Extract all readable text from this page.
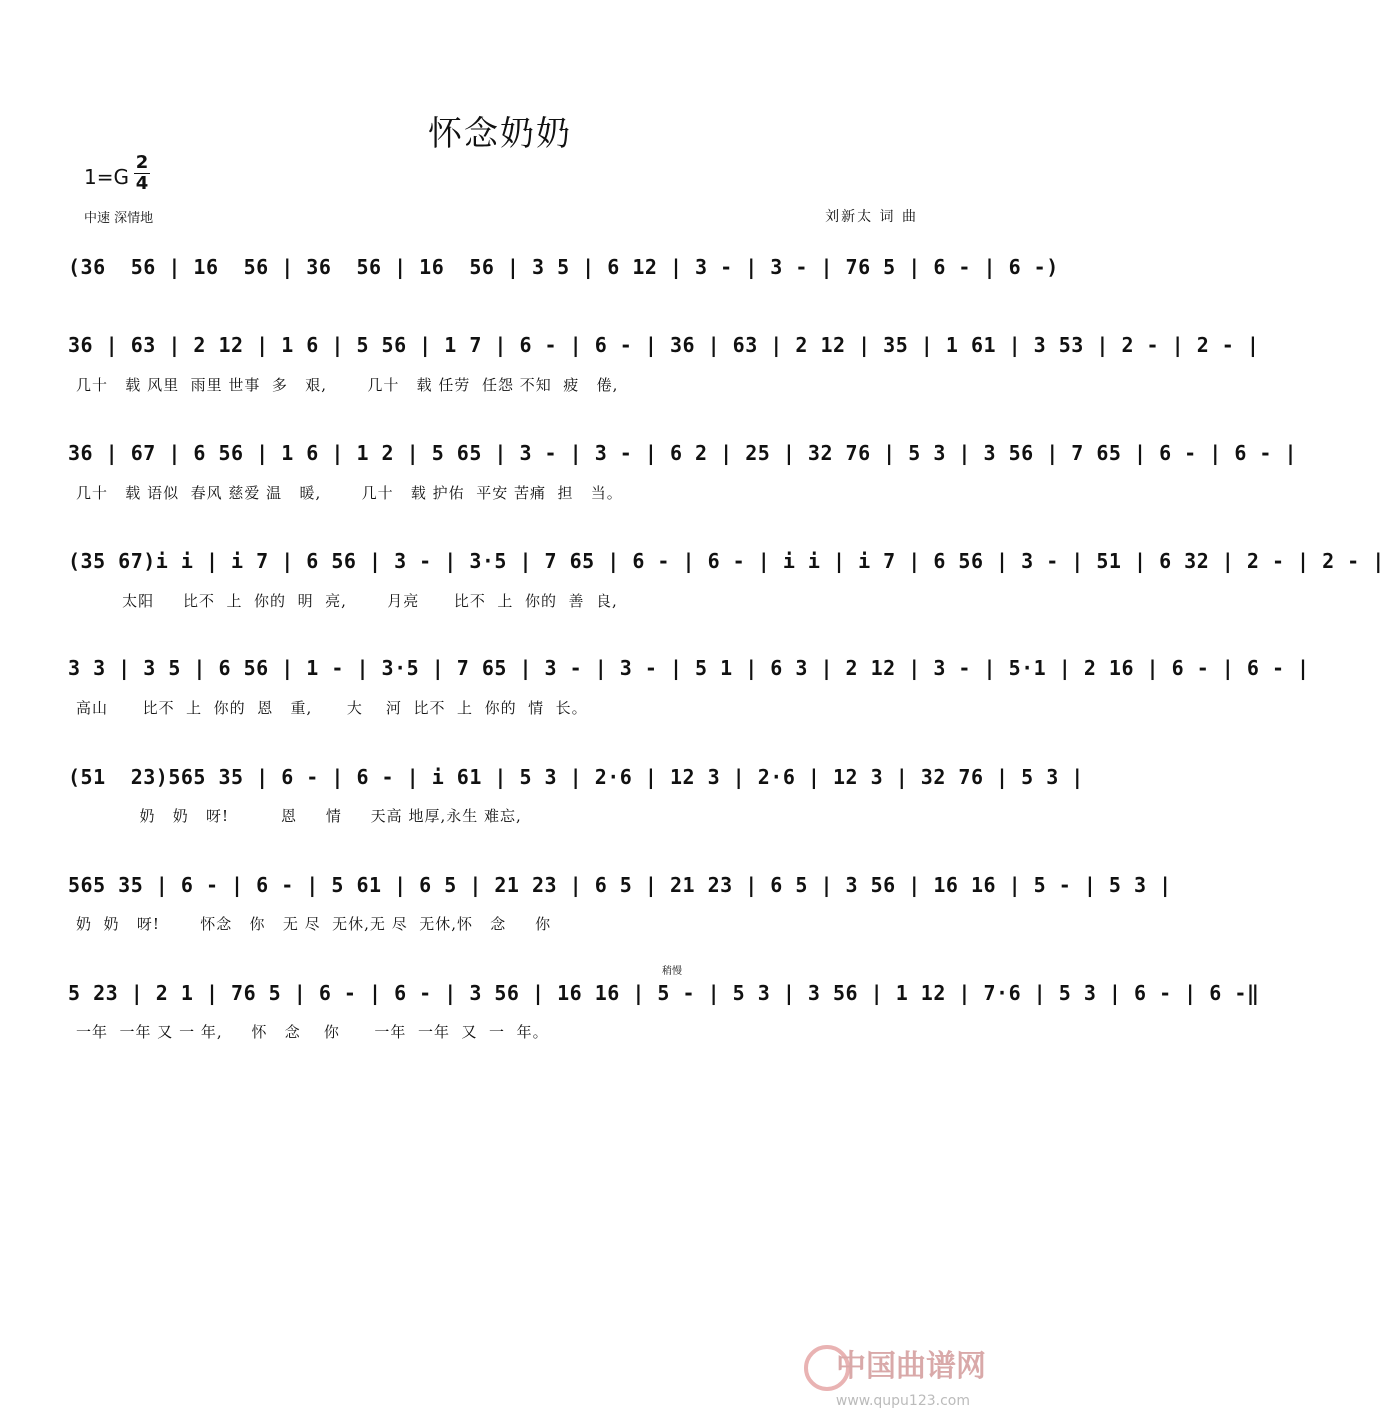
怀念奶奶
1=G
2
4
中速 深情地	刘新太 词 曲
(36  56 | 16  56 | 36  56 | 16  56 | 3 5 | 6 12 | 3 - | 3 - | 76 5 | 6 - | 6 -)
36 | 63 | 2 12 | 1 6 | 5 56 | 1 7 | 6 - | 6 - | 36 | 63 | 2 12 | 35 | 1 61 | 3 53 | 2 - | 2 - |
几十   载 风里  雨里 世事  多   艰,       几十   载 任劳  任怨 不知  疲   倦,
36 | 67 | 6 56 | 1 6 | 1 2 | 5 65 | 3 - | 3 - | 6 2 | 25 | 32 76 | 5 3 | 3 56 | 7 65 | 6 - | 6 - |
几十   载 语似  春风 慈爱 温   暖,       几十   载 护佑  平安 苦痛  担   当。
(35 67)i i | i 7 | 6 56 | 3 - | 3·5 | 7 65 | 6 - | 6 - | i i | i 7 | 6 56 | 3 - | 51 | 6 32 | 2 - | 2 - |
太阳     比不  上  你的  明  亮,       月亮      比不  上  你的  善  良,
3 3 | 3 5 | 6 56 | 1 - | 3·5 | 7 65 | 3 - | 3 - | 5 1 | 6 3 | 2 12 | 3 - | 5·1 | 2 16 | 6 - | 6 - |
高山      比不  上  你的  恩   重,      大    河  比不  上  你的  情  长。
(51  23)565 35 | 6 - | 6 - | i 61 | 5 3 | 2·6 | 12 3 | 2·6 | 12 3 | 32 76 | 5 3 |
奶   奶   呀!         恩     情     天高 地厚,永生 难忘,
565 35 | 6 - | 6 - | 5 61 | 6 5 | 21 23 | 6 5 | 21 23 | 6 5 | 3 56 | 16 16 | 5 - | 5 3 |
奶  奶   呀!       怀念   你   无 尽  无休,无 尽  无休,怀   念     你
稍慢
5 23 | 2 1 | 76 5 | 6 - | 6 - | 3 56 | 16 16 | 5 - | 5 3 | 3 56 | 1 12 | 7·6 | 5 3 | 6 - | 6 -‖
一年  一年 又 一 年,     怀   念    你      一年  一年  又  一  年。
中国曲谱网
www.qupu123.com
